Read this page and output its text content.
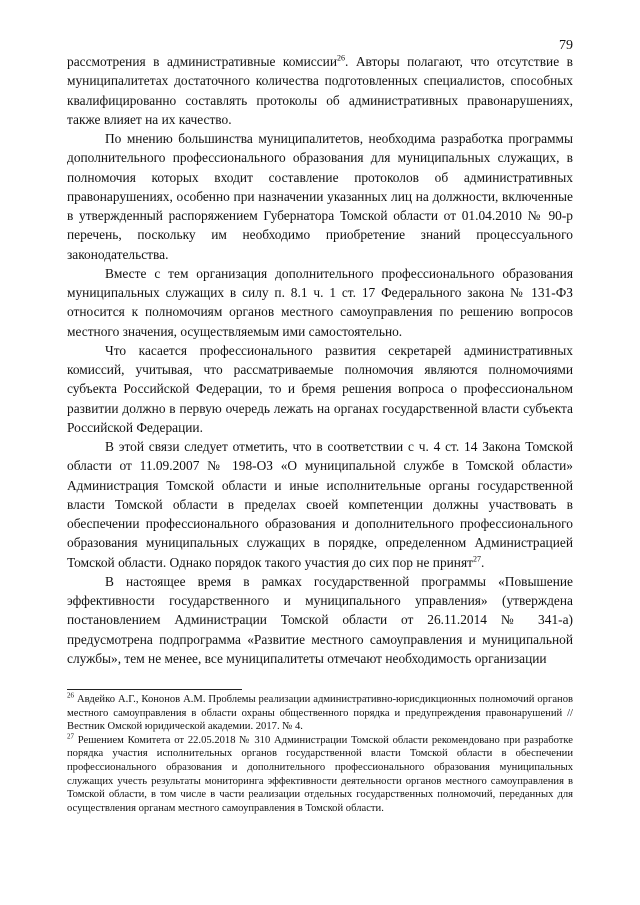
79

рассмотрения в административные комиссии$^{26}$. Авторы полагают, что отсутствие в муниципалитетах достаточного количества подготовленных специалистов, способных квалифицированно составлять протоколы об административных правонарушениях, также влияет на их качество.

По мнению большинства муниципалитетов, необходима разработка программы дополнительного профессионального образования для муниципальных служащих, в полномочия которых входит составление протоколов об административных правонарушениях, особенно при назначении указанных лиц на должности, включенные в утвержденный распоряжением Губернатора Томской области от 01.04.2010 № 90-р перечень, поскольку им необходимо приобретение знаний процессуального законодательства.

Вместе с тем организация дополнительного профессионального образования муниципальных служащих в силу п. 8.1 ч. 1 ст. 17 Федерального закона № 131-ФЗ относится к полномочиям органов местного самоуправления по решению вопросов местного значения, осуществляемым ими самостоятельно.

Что касается профессионального развития секретарей административных комиссий, учитывая, что рассматриваемые полномочия являются полномочиями субъекта Российской Федерации, то и бремя решения вопроса о профессиональном развитии должно в первую очередь лежать на органах государственной власти субъекта Российской Федерации.

В этой связи следует отметить, что в соответствии с ч. 4 ст. 14 Закона Томской области от 11.09.2007 № 198-ОЗ «О муниципальной службе в Томской области» Администрация Томской области и иные исполнительные органы государственной власти Томской области в пределах своей компетенции должны участвовать в обеспечении профессионального образования и дополнительного профессионального образования муниципальных служащих в порядке, определенном Администрацией Томской области. Однако порядок такого участия до сих пор не принят$^{27}$.

В настоящее время в рамках государственной программы «Повышение эффективности государственного и муниципального управления» (утверждена постановлением Администрации Томской области от 26.11.2014 № 341-а) предусмотрена подпрограмма «Развитие местного самоуправления и муниципальной службы», тем не менее, все муниципалитеты отмечают необходимость организации

$^{26}$ Авдейко А.Г., Кононов А.М. Проблемы реализации административно-юрисдикционных полномочий органов местного самоуправления в области охраны общественного порядка и предупреждения правонарушений // Вестник Омской юридической академии. 2017. № 4.

$^{27}$ Решением Комитета от 22.05.2018 № 310 Администрации Томской области рекомендовано при разработке порядка участия исполнительных органов государственной власти Томской области в обеспечении профессионального образования и дополнительного профессионального образования муниципальных служащих учесть результаты мониторинга эффективности деятельности органов местного самоуправления в Томской области, в том числе в части реализации отдельных государственных полномочий, переданных для осуществления органам местного самоуправления в Томской области.
